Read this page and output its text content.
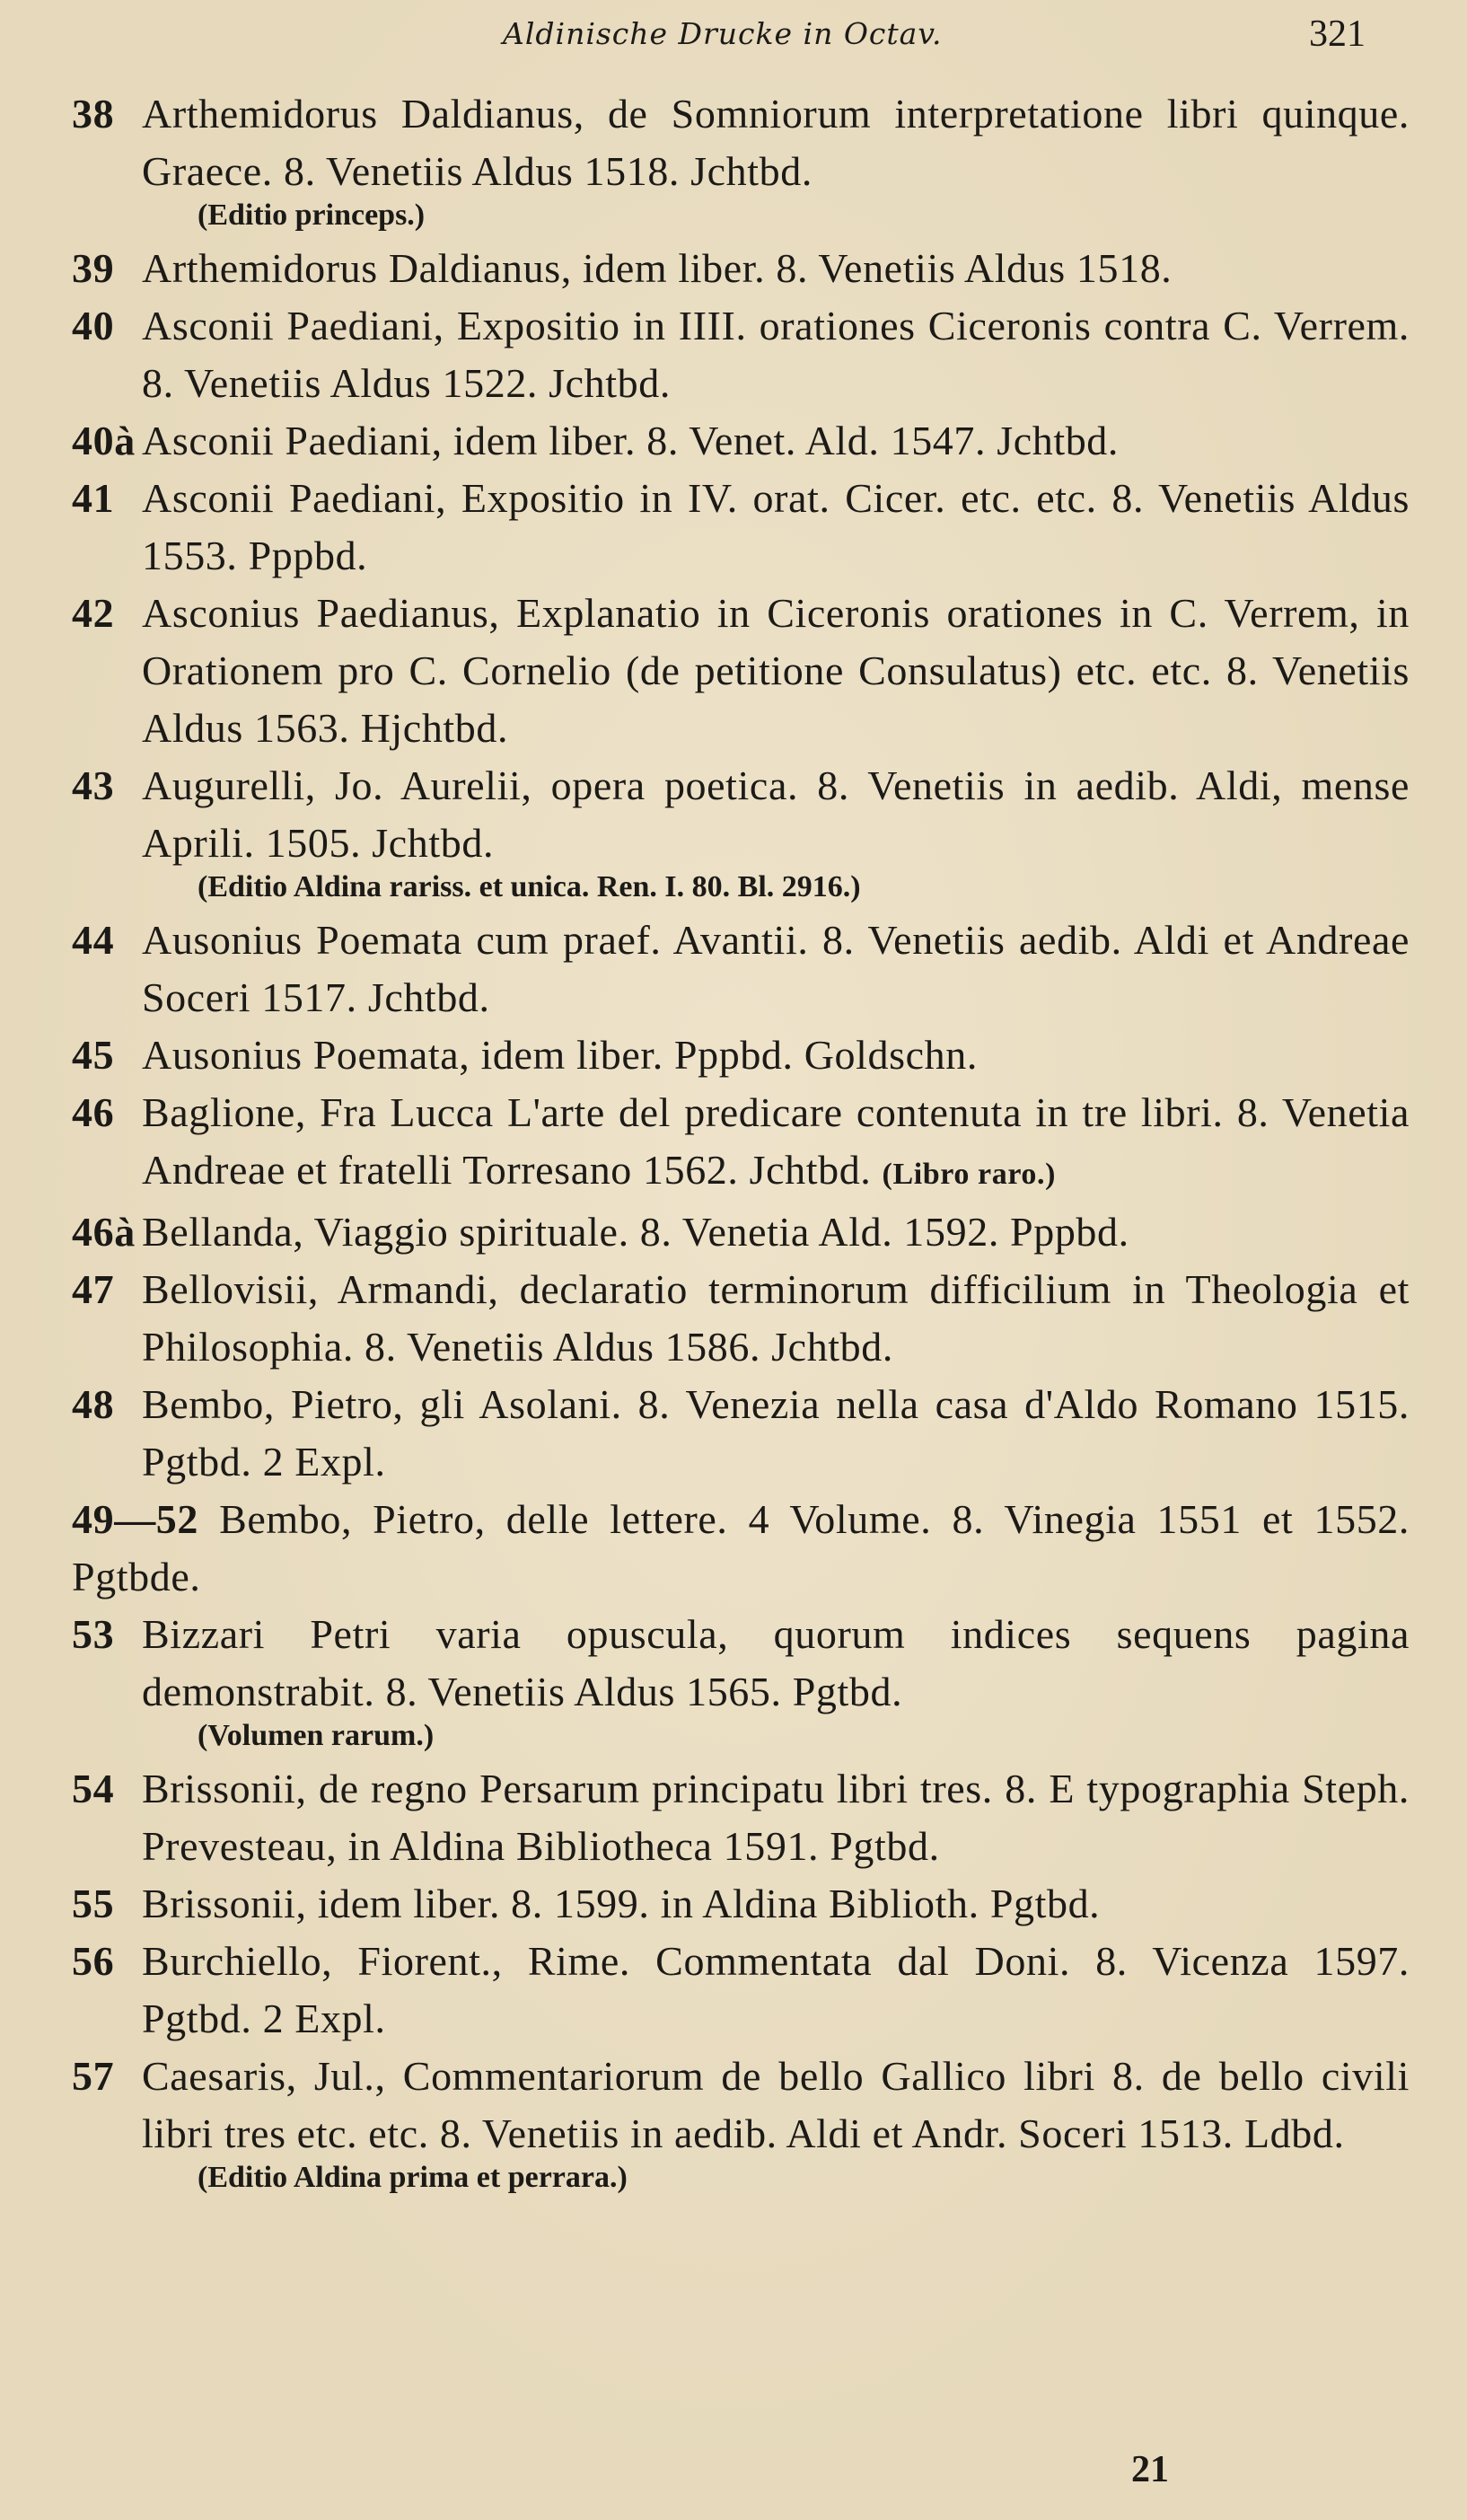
Aldinische Drucke in Octav.	321
38 Arthemidorus Daldianus, de Somniorum interpretatione libri quinque. Graece. 8. Venetiis Aldus 1518. Jchtbd.
(Editio princeps.)
39 Arthemidorus Daldianus, idem liber. 8. Venetiis Aldus 1518.
40 Asconii Paediani, Expositio in IIII. orationes Ciceronis contra C. Verrem. 8. Venetiis Aldus 1522. Jchtbd.
40à Asconii Paediani, idem liber. 8. Venet. Ald. 1547. Jchtbd.
41 Asconii Paediani, Expositio in IV. orat. Cicer. etc. etc. 8. Venetiis Aldus 1553. Pppbd.
42 Asconius Paedianus, Explanatio in Ciceronis orationes in C. Verrem, in Orationem pro C. Cornelio (de petitione Consulatus) etc. etc. 8. Venetiis Aldus 1563. Hjchtbd.
43 Augurelli, Jo. Aurelii, opera poetica. 8. Venetiis in aedib. Aldi, mense Aprili. 1505. Jchtbd.
(Editio Aldina rariss. et unica. Ren. I. 80. Bl. 2916.)
44 Ausonius Poemata cum praef. Avantii. 8. Venetiis aedib. Aldi et Andreae Soceri 1517. Jchtbd.
45 Ausonius Poemata, idem liber. Pppbd. Goldschn.
46 Baglione, Fra Lucca L'arte del predicare contenuta in tre libri. 8. Venetia Andreae et fratelli Torresano 1562. Jchtbd. (Libro raro.)
46à Bellanda, Viaggio spirituale. 8. Venetia Ald. 1592. Pppbd.
47 Bellovisii, Armandi, declaratio terminorum difficilium in Theologia et Philosophia. 8. Venetiis Aldus 1586. Jchtbd.
48 Bembo, Pietro, gli Asolani. 8. Venezia nella casa d'Aldo Romano 1515. Pgtbd. 2 Expl.
49—52 Bembo, Pietro, delle lettere. 4 Volume. 8. Vinegia 1551 et 1552. Pgtbde.
53 Bizzari Petri varia opuscula, quorum indices sequens pagina demonstrabit. 8. Venetiis Aldus 1565. Pgtbd.
(Volumen rarum.)
54 Brissonii, de regno Persarum principatu libri tres. 8. E typographia Steph. Prevesteau, in Aldina Bibliotheca 1591. Pgtbd.
55 Brissonii, idem liber. 8. 1599. in Aldina Biblioth. Pgtbd.
56 Burchiello, Fiorent., Rime. Commentata dal Doni. 8. Vicenza 1597. Pgtbd. 2 Expl.
57 Caesaris, Jul., Commentariorum de bello Gallico libri 8. de bello civili libri tres etc. etc. 8. Venetiis in aedib. Aldi et Andr. Soceri 1513. Ldbd.
(Editio Aldina prima et perrara.)
21
